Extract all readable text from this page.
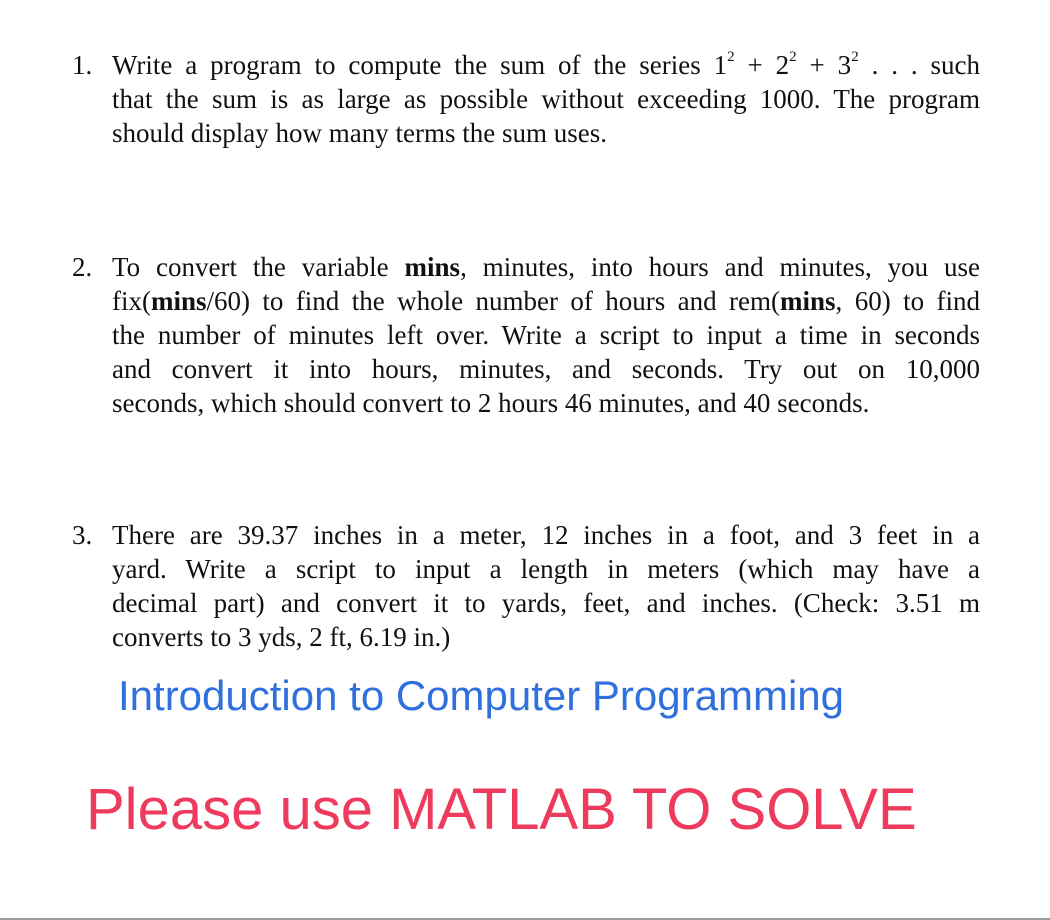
1. Write a program to compute the sum of the series $1^2 + 2^2 + 3^2$ . . . such
that the sum is as large as possible without exceeding 1000. The program
should display how many terms the sum uses.
2. To convert the variable mins, minutes, into hours and minutes, you use
fix(mins/60) to find the whole number of hours and rem(mins, 60) to find
the number of minutes left over. Write a script to input a time in seconds
and convert it into hours, minutes, and seconds. Try out on 10,000
seconds, which should convert to 2 hours 46 minutes, and 40 seconds.
3. There are 39.37 inches in a meter, 12 inches in a foot, and 3 feet in a
yard. Write a script to input a length in meters (which may have a
decimal part) and convert it to yards, feet, and inches. (Check: 3.51 m
converts to 3 yds, 2 ft, 6.19 in.)
Introduction to Computer Programming
Please use MATLAB TO SOLVE
